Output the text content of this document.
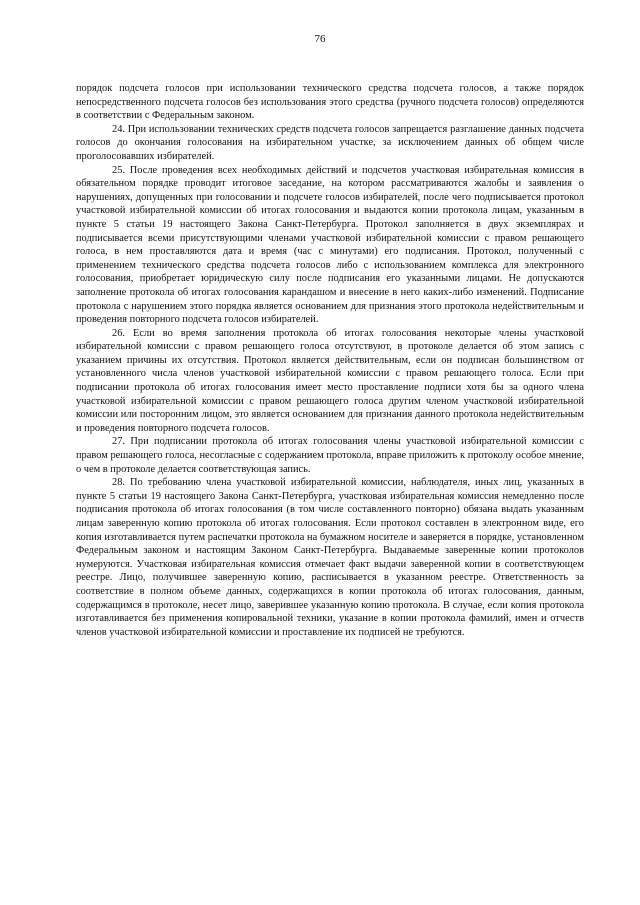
76

порядок подсчета голосов при использовании технического средства подсчета голосов, а также порядок непосредственного подсчета голосов без использования этого средства (ручного подсчета голосов) определяются в соответствии с Федеральным законом.

24. При использовании технических средств подсчета голосов запрещается разглашение данных подсчета голосов до окончания голосования на избирательном участке, за исключением данных об общем числе проголосовавших избирателей.

25. После проведения всех необходимых действий и подсчетов участковая избирательная комиссия в обязательном порядке проводит итоговое заседание, на котором рассматриваются жалобы и заявления о нарушениях, допущенных при голосовании и подсчете голосов избирателей, после чего подписывается протокол участковой избирательной комиссии об итогах голосования и выдаются копии протокола лицам, указанным в пункте 5 статьи 19 настоящего Закона Санкт-Петербурга. Протокол заполняется в двух экземплярах и подписывается всеми присутствующими членами участковой избирательной комиссии с правом решающего голоса, в нем проставляются дата и время (час с минутами) его подписания. Протокол, полученный с применением технического средства подсчета голосов либо с использованием комплекса для электронного голосования, приобретает юридическую силу после подписания его указанными лицами. Не допускаются заполнение протокола об итогах голосования карандашом и внесение в него каких-либо изменений. Подписание протокола с нарушением этого порядка является основанием для признания этого протокола недействительным и проведения повторного подсчета голосов избирателей.

26. Если во время заполнения протокола об итогах голосования некоторые члены участковой избирательной комиссии с правом решающего голоса отсутствуют, в протоколе делается об этом запись с указанием причины их отсутствия. Протокол является действительным, если он подписан большинством от установленного числа членов участковой избирательной комиссии с правом решающего голоса. Если при подписании протокола об итогах голосования имеет место проставление подписи хотя бы за одного члена участковой избирательной комиссии с правом решающего голоса другим членом участковой избирательной комиссии или посторонним лицом, это является основанием для признания данного протокола недействительным и проведения повторного подсчета голосов.

27. При подписании протокола об итогах голосования члены участковой избирательной комиссии с правом решающего голоса, несогласные с содержанием протокола, вправе приложить к протоколу особое мнение, о чем в протоколе делается соответствующая запись.

28. По требованию члена участковой избирательной комиссии, наблюдателя, иных лиц, указанных в пункте 5 статьи 19 настоящего Закона Санкт-Петербурга, участковая избирательная комиссия немедленно после подписания протокола об итогах голосования (в том числе составленного повторно) обязана выдать указанным лицам заверенную копию протокола об итогах голосования. Если протокол составлен в электронном виде, его копия изготавливается путем распечатки протокола на бумажном носителе и заверяется в порядке, установленном Федеральным законом и настоящим Законом Санкт-Петербурга. Выдаваемые заверенные копии протоколов нумеруются. Участковая избирательная комиссия отмечает факт выдачи заверенной копии в соответствующем реестре. Лицо, получившее заверенную копию, расписывается в указанном реестре. Ответственность за соответствие в полном объеме данных, содержащихся в копии протокола об итогах голосования, данным, содержащимся в протоколе, несет лицо, заверившее указанную копию протокола. В случае, если копия протокола изготавливается без применения копировальной техники, указание в копии протокола фамилий, имен и отчеств членов участковой избирательной комиссии и проставление их подписей не требуются.
